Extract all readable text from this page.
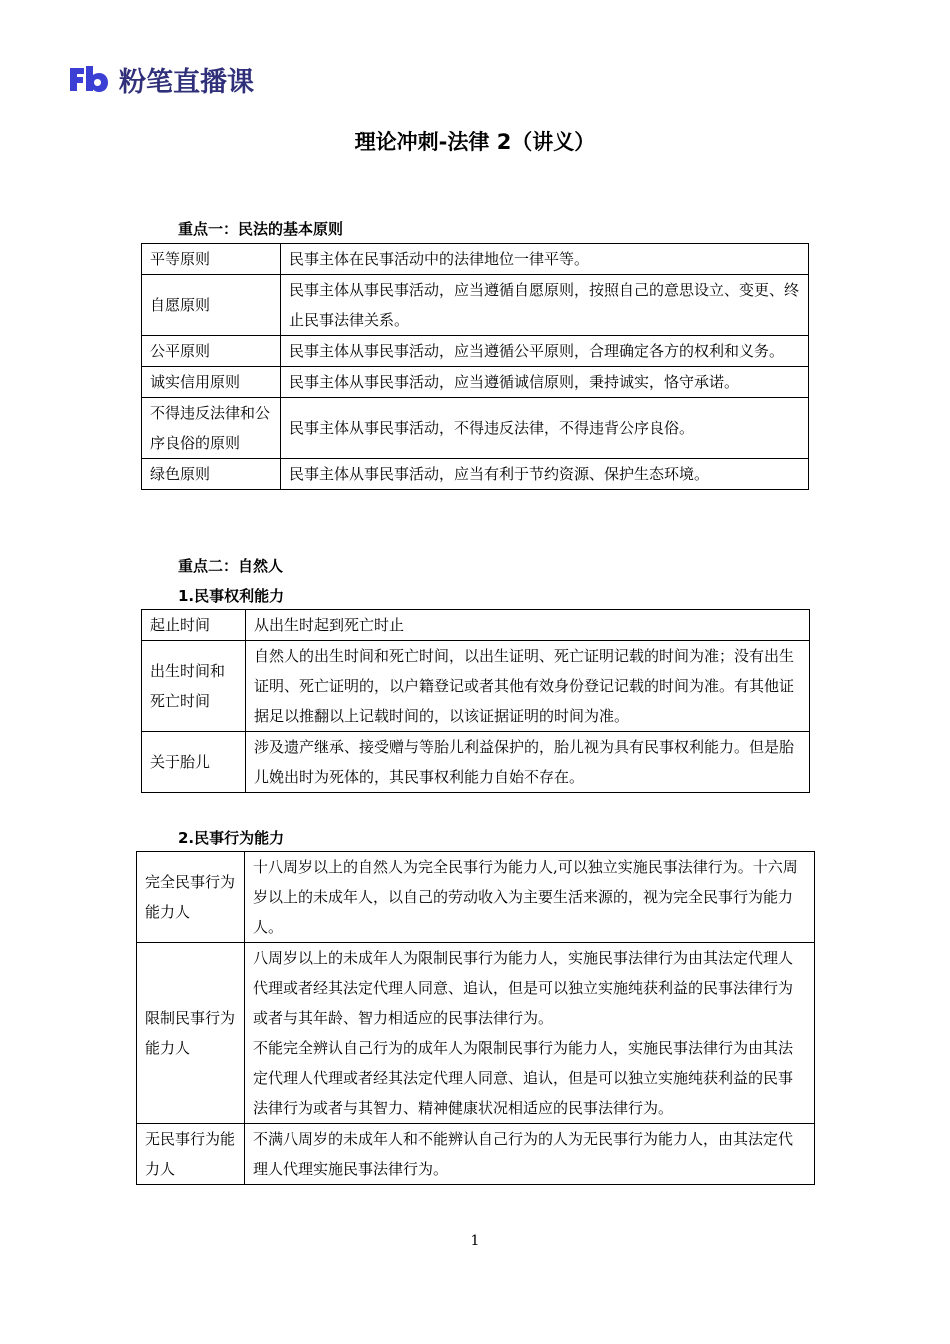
粉笔直播课
理论冲刺-法律 2（讲义）
重点一：民法的基本原则
平等原则	民事主体在民事活动中的法律地位一律平等。
自愿原则	民事主体从事民事活动，应当遵循自愿原则，按照自己的意思设立、变更、终止民事法律关系。
公平原则	民事主体从事民事活动，应当遵循公平原则，合理确定各方的权利和义务。
诚实信用原则	民事主体从事民事活动，应当遵循诚信原则，秉持诚实，恪守承诺。
不得违反法律和公序良俗的原则	民事主体从事民事活动，不得违反法律，不得违背公序良俗。
绿色原则	民事主体从事民事活动，应当有利于节约资源、保护生态环境。
重点二：自然人
1.民事权利能力
起止时间	从出生时起到死亡时止
出生时间和死亡时间	自然人的出生时间和死亡时间，以出生证明、死亡证明记载的时间为准；没有出生证明、死亡证明的，以户籍登记或者其他有效身份登记记载的时间为准。有其他证据足以推翻以上记载时间的，以该证据证明的时间为准。
关于胎儿	涉及遗产继承、接受赠与等胎儿利益保护的，胎儿视为具有民事权利能力。但是胎儿娩出时为死体的，其民事权利能力自始不存在。
2.民事行为能力
完全民事行为能力人	十八周岁以上的自然人为完全民事行为能力人,可以独立实施民事法律行为。十六周岁以上的未成年人，以自己的劳动收入为主要生活来源的，视为完全民事行为能力人。
限制民事行为能力人	八周岁以上的未成年人为限制民事行为能力人，实施民事法律行为由其法定代理人代理或者经其法定代理人同意、追认，但是可以独立实施纯获利益的民事法律行为或者与其年龄、智力相适应的民事法律行为。
不能完全辨认自己行为的成年人为限制民事行为能力人，实施民事法律行为由其法定代理人代理或者经其法定代理人同意、追认，但是可以独立实施纯获利益的民事法律行为或者与其智力、精神健康状况相适应的民事法律行为。

无民事行为能力人	不满八周岁的未成年人和不能辨认自己行为的人为无民事行为能力人，由其法定代理人代理实施民事法律行为。
1
